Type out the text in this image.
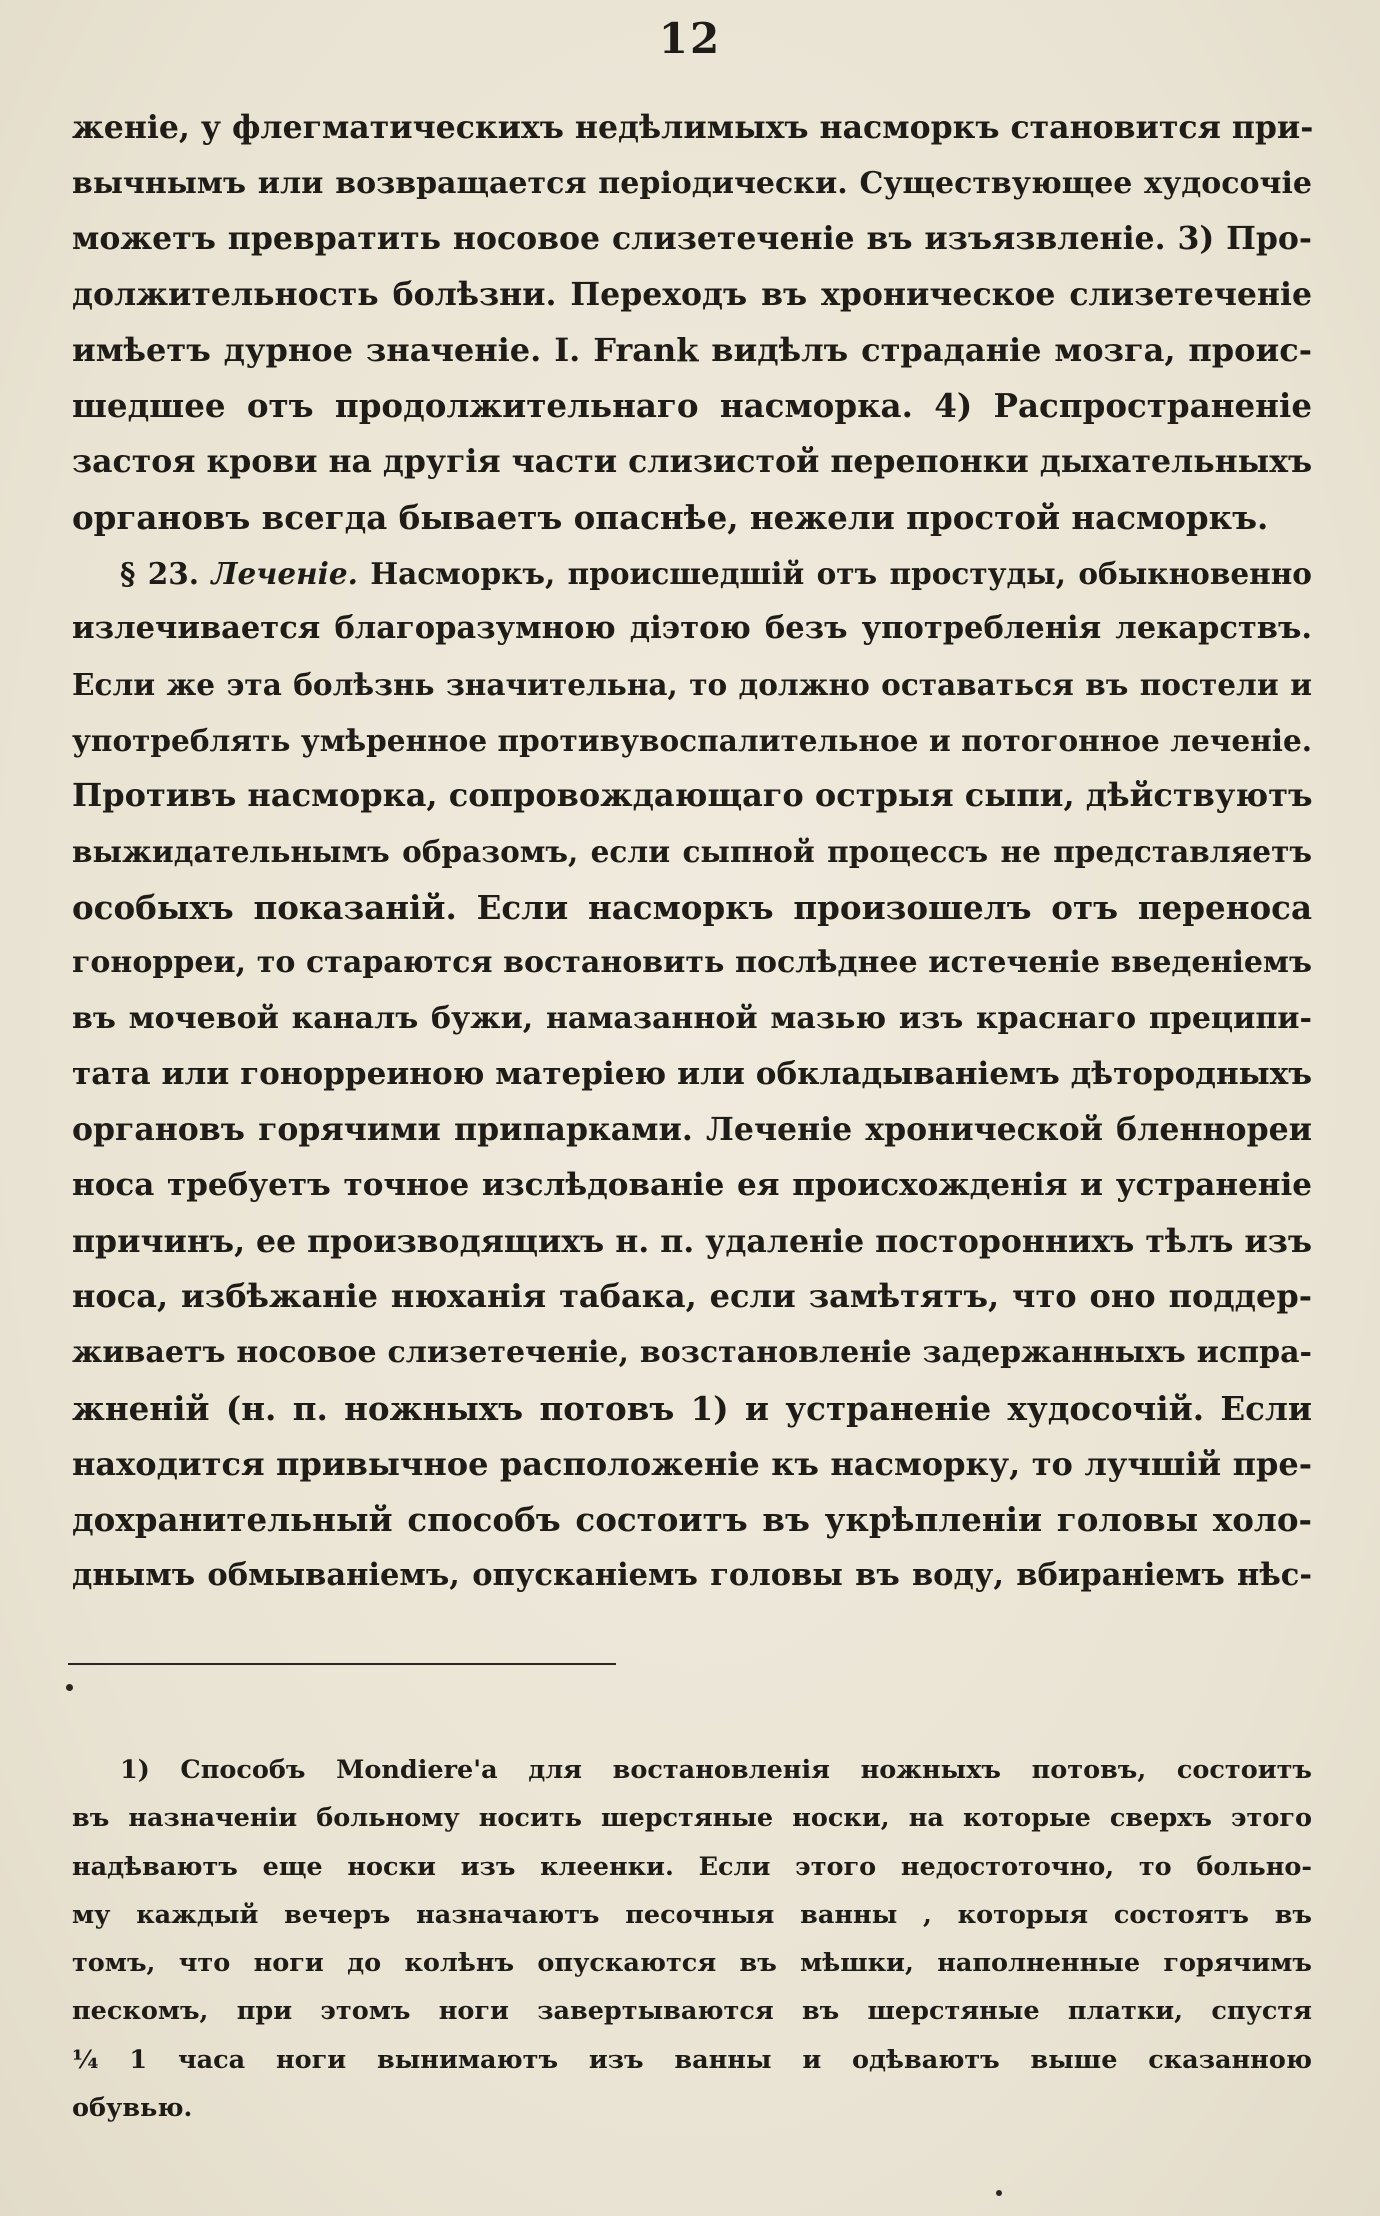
12
женіе, у флегматическихъ недѣлимыхъ насморкъ становится при-
вычнымъ или возвращается періодически. Существующее худосочіе
можетъ превратить носовое слизетеченіе въ изъязвленіе. 3) Про-
должительность болѣзни. Переходъ въ хроническое слизетеченіе
имѣетъ дурное значеніе. I. Frank видѣлъ страданіе мозга, проис-
шедшее отъ продолжительнаго насморка. 4) Распространеніе
застоя крови на другія части слизистой перепонки дыхательныхъ
органовъ всегда бываетъ опаснѣе, нежели простой насморкъ.
§ 23. Лечeніе. Насморкъ, происшедшій отъ простуды, обыкновенно
излечивается благоразумною діэтою безъ употребленія лекарствъ.
Если же эта болѣзнь значительна, то должно оставаться въ постели и
употреблять умѣренное противувоспалительное и потогонное леченіе.
Противъ насморка, сопровождающаго острыя сыпи, дѣйствуютъ
выжидательнымъ образомъ, если сыпной процессъ не представляетъ
особыхъ показаній. Если насморкъ произошелъ отъ переноса
гонорреи, то стараются востановить послѣднее истеченіе введеніемъ
въ мочевой каналъ бужи, намазанной мазью изъ краснаго преципи-
тата или гонорреиною матеріею или обкладываніемъ дѣтородныхъ
органовъ горячими припарками. Леченіе хронической бленнореи
носа требуетъ точное изслѣдованіе ея происхожденія и устраненіе
причинъ, ее производящихъ н. п. удаленіе постороннихъ тѣлъ изъ
носа, избѣжаніе нюханія табака, если замѣтятъ, что оно поддер-
живаетъ носовое слизетеченіе, возстановленіе задержанныхъ испра-
жненій (н. п. ножныхъ потовъ 1) и устраненіе худосочій. Если
находится привычное расположеніе къ насморку, то лучшій пре-
дохранительный способъ состоитъ въ укрѣпленіи головы холо-
днымъ обмываніемъ, опусканіемъ головы въ воду, вбираніемъ нѣс-
1) Способъ Mondiere'а для востановленія ножныхъ потовъ, состоитъ
въ назначеніи больному носить шерстяные носки, на которые сверхъ этого
надѣваютъ еще носки изъ клеенки. Если этого недостоточно, то больно-
му каждый вечеръ назначаютъ песочныя ванны , которыя состоятъ въ
томъ, что ноги до колѣнъ опускаются въ мѣшки, наполненные горячимъ
пескомъ, при этомъ ноги завертываются въ шерстяные платки, спустя
¼ 1 часа ноги вынимаютъ изъ ванны и одѣваютъ выше сказанною
обувью.
